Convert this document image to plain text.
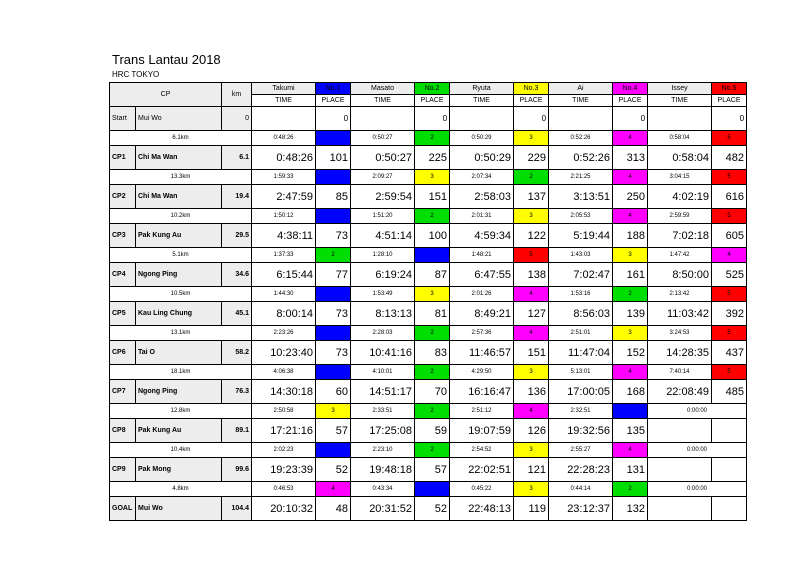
Trans Lantau 2018
HRC TOKYO
CP		km	Takumi	No.1	Masato	No.2	Ryuta	No.3	Ai	No.4	Issey	No.5
			TIME	PLACE	TIME	PLACE	TIME	PLACE	TIME	PLACE	TIME	PLACE
Start	Mui Wo	0		0		0		0		0		0
6.1km			0:48:26		0:50:27	2	0:50:29	3	0:52:26	4	0:58:04	5
CP1	Chi Ma Wan	6.1	0:48:26	101	0:50:27	225	0:50:29	229	0:52:26	313	0:58:04	482
13.3km			1:59:33		2:09:27	3	2:07:34	2	2:21:25	4	3:04:15	5
CP2	Chi Ma Wan	19.4	2:47:59	85	2:59:54	151	2:58:03	137	3:13:51	250	4:02:19	616
10.2km			1:50:12		1:51:20	2	2:01:31	3	2:05:53	4	2:59:59	5
CP3	Pak Kung Au	29.5	4:38:11	73	4:51:14	100	4:59:34	122	5:19:44	188	7:02:18	605
5.1km			1:37:33	2	1:28:10		1:48:21	5	1:43:03	3	1:47:42	4
CP4	Ngong Ping	34.6	6:15:44	77	6:19:24	87	6:47:55	138	7:02:47	161	8:50:00	525
10.5km			1:44:30		1:53:49	3	2:01:26	4	1:53:16	2	2:13:42	5
CP5	Kau Ling Chung	45.1	8:00:14	73	8:13:13	81	8:49:21	127	8:56:03	139	11:03:42	392
13.1km			2:23:26		2:28:03	2	2:57:36	4	2:51:01	3	3:24:53	5
CP6	Tai O	58.2	10:23:40	73	10:41:16	83	11:46:57	151	11:47:04	152	14:28:35	437
18.1km			4:06:38		4:10:01	2	4:29:50	3	5:13:01	4	7:40:14	5
CP7	Ngong Ping	76.3	14:30:18	60	14:51:17	70	16:16:47	136	17:00:05	168	22:08:49	485
12.8km			2:50:58	3	2:33:51	2	2:51:12	4	2:32:51		0:00:00	
CP8	Pak Kung Au	89.1	17:21:16	57	17:25:08	59	19:07:59	126	19:32:56	135		
10.4km			2:02:23		2:23:10	2	2:54:52	3	2:55:27	4	0:00:00	
CP9	Pak Mong	99.6	19:23:39	52	19:48:18	57	22:02:51	121	22:28:23	131		
4.8km			0:46:53	4	0:43:34		0:45:22	3	0:44:14	2	0:00:00	
GOAL	Mui Wo	104.4	20:10:32	48	20:31:52	52	22:48:13	119	23:12:37	132		
